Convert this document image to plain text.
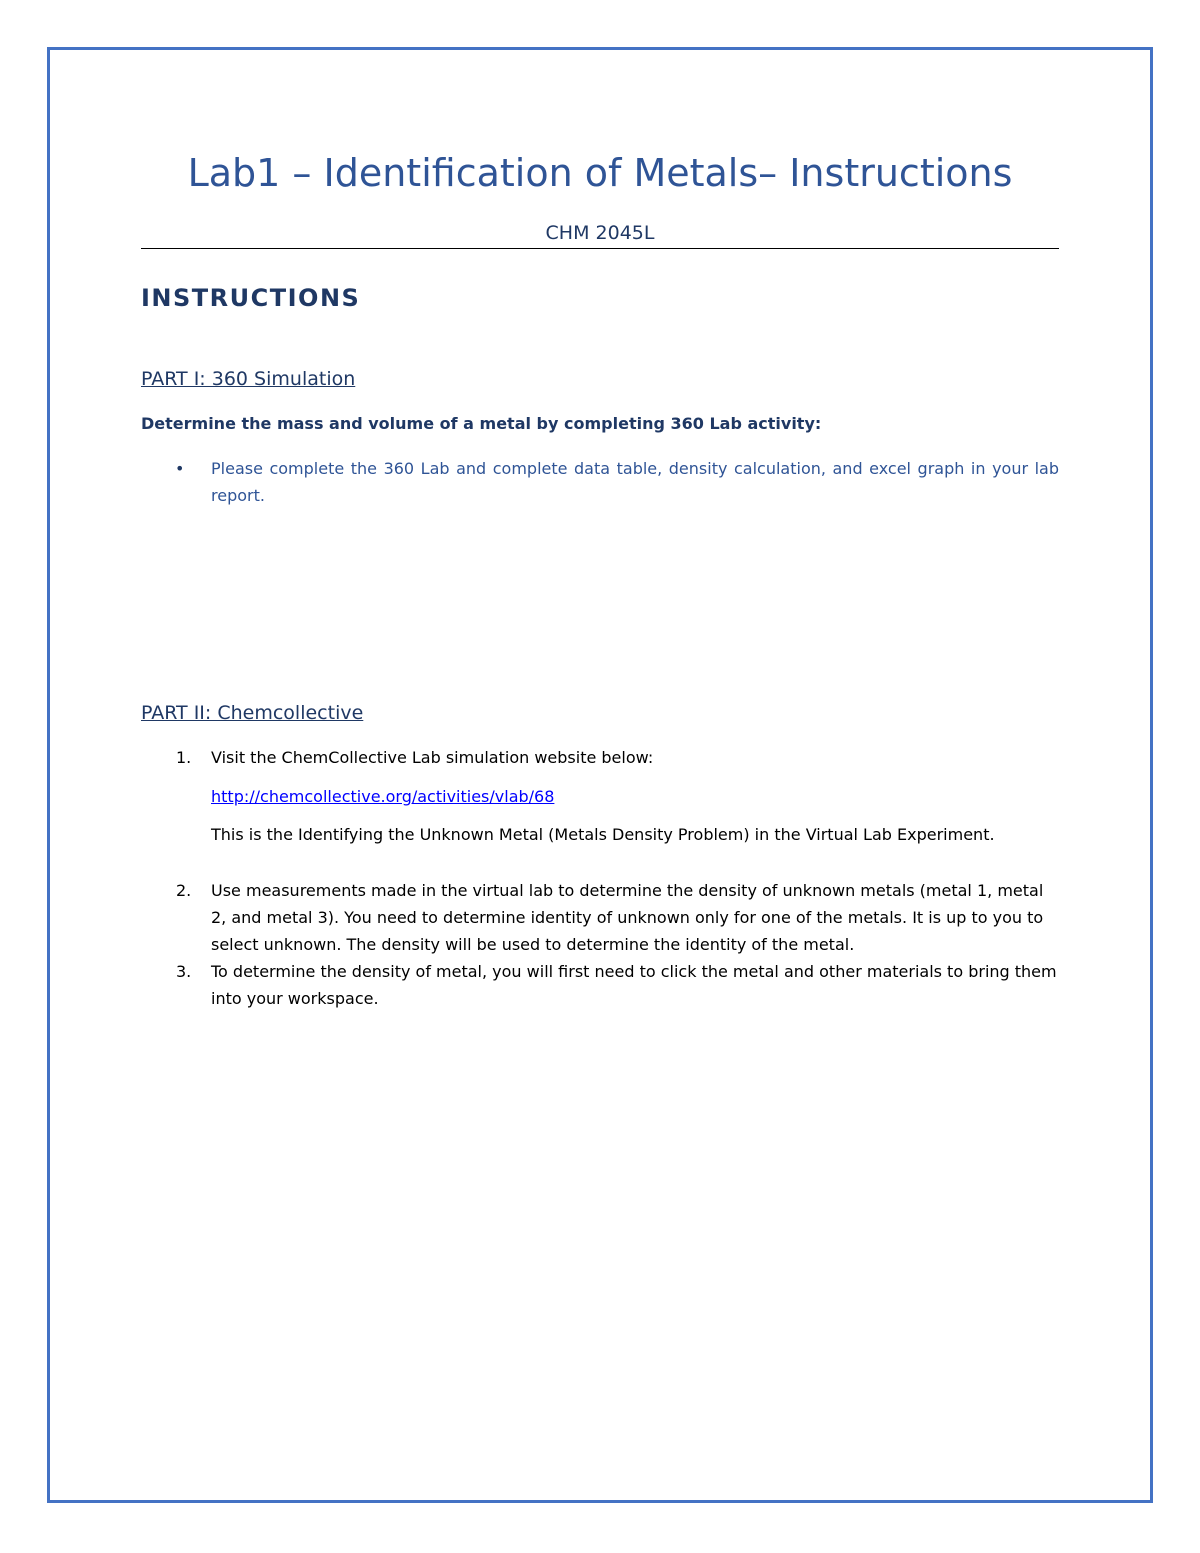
Lab1 – Identification of Metals– Instructions
CHM 2045L
INSTRUCTIONS
PART I: 360 Simulation
Determine the mass and volume of a metal by completing 360 Lab activity:
• Please complete the 360 Lab and complete data table, density calculation, and excel graph in your lab report.
PART II: Chemcollective
1. Visit the ChemCollective Lab simulation website below:

http://chemcollective.org/activities/vlab/68
This is the Identifying the Unknown Metal (Metals Density Problem) in the Virtual Lab Experiment.
2. Use measurements made in the virtual lab to determine the density of unknown metals (metal 1, metal 2, and metal 3). You need to determine identity of unknown only for one of the metals. It is up to you to select unknown. The density will be used to determine the identity of the metal.

3. To determine the density of metal, you will first need to click the metal and other materials to bring them into your workspace.
